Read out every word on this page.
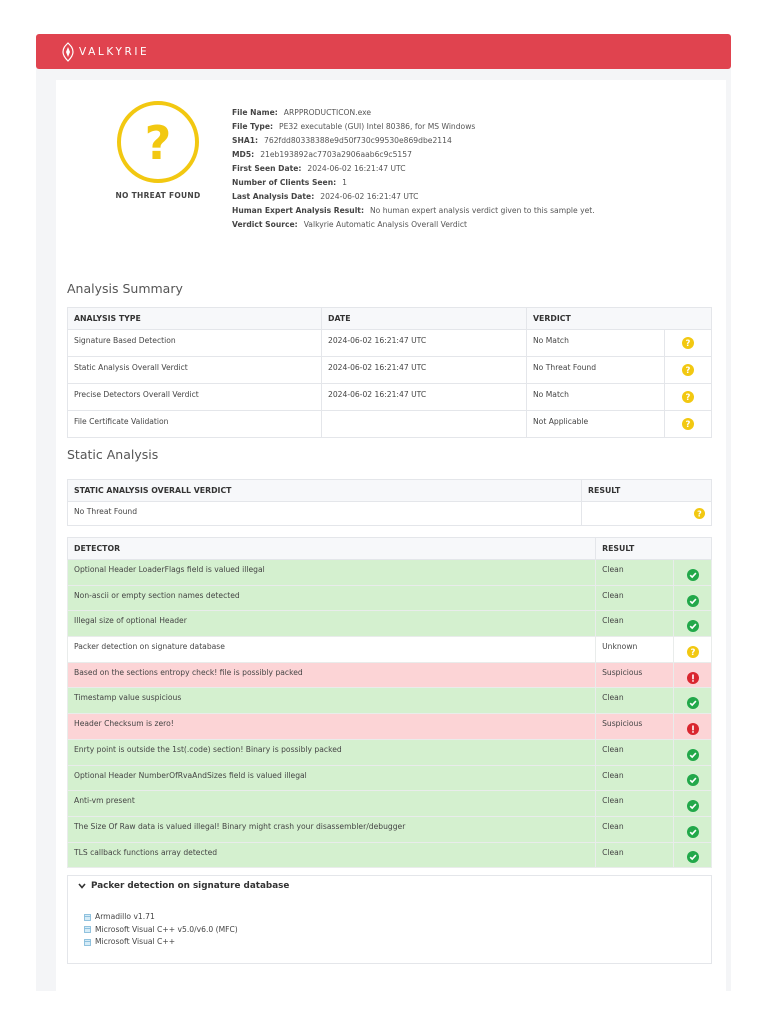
VALKYRIE
?
NO THREAT FOUND
File Name: ARPPRODUCTICON.exe
File Type: PE32 executable (GUI) Intel 80386, for MS Windows
SHA1: 762fdd80338388e9d50f730c99530e869dbe2114
MD5: 21eb193892ac7703a2906aab6c9c5157
First Seen Date: 2024-06-02 16:21:47 UTC
Number of Clients Seen: 1
Last Analysis Date: 2024-06-02 16:21:47 UTC
Human Expert Analysis Result: No human expert analysis verdict given to this sample yet.
Verdict Source: Valkyrie Automatic Analysis Overall Verdict
Analysis Summary
ANALYSIS TYPE	DATE	VERDICT	
Signature Based Detection	2024-06-02 16:21:47 UTC	No Match	?

Static Analysis Overall Verdict	2024-06-02 16:21:47 UTC	No Threat Found	?

Precise Detectors Overall Verdict	2024-06-02 16:21:47 UTC	No Match	?

File Certificate Validation		Not Applicable	?
Static Analysis
STATIC ANALYSIS OVERALL VERDICT	RESULT
No Threat Found	?
DETECTOR	RESULT	
Optional Header LoaderFlags field is valued illegal	Clean	

Non-ascii or empty section names detected	Clean	

Illegal size of optional Header	Clean	

Packer detection on signature database	Unknown	?

Based on the sections entropy check! file is possibly packed	Suspicious	

Timestamp value suspicious	Clean	

Header Checksum is zero!	Suspicious	

Enrty point is outside the 1st(.code) section! Binary is possibly packed	Clean	

Optional Header NumberOfRvaAndSizes field is valued illegal	Clean	

Anti-vm present	Clean	

The Size Of Raw data is valued illegal! Binary might crash your disassembler/debugger	Clean	

TLS callback functions array detected	Clean	
Packer detection on signature database
Armadillo v1.71
Microsoft Visual C++ v5.0/v6.0 (MFC)
Microsoft Visual C++
